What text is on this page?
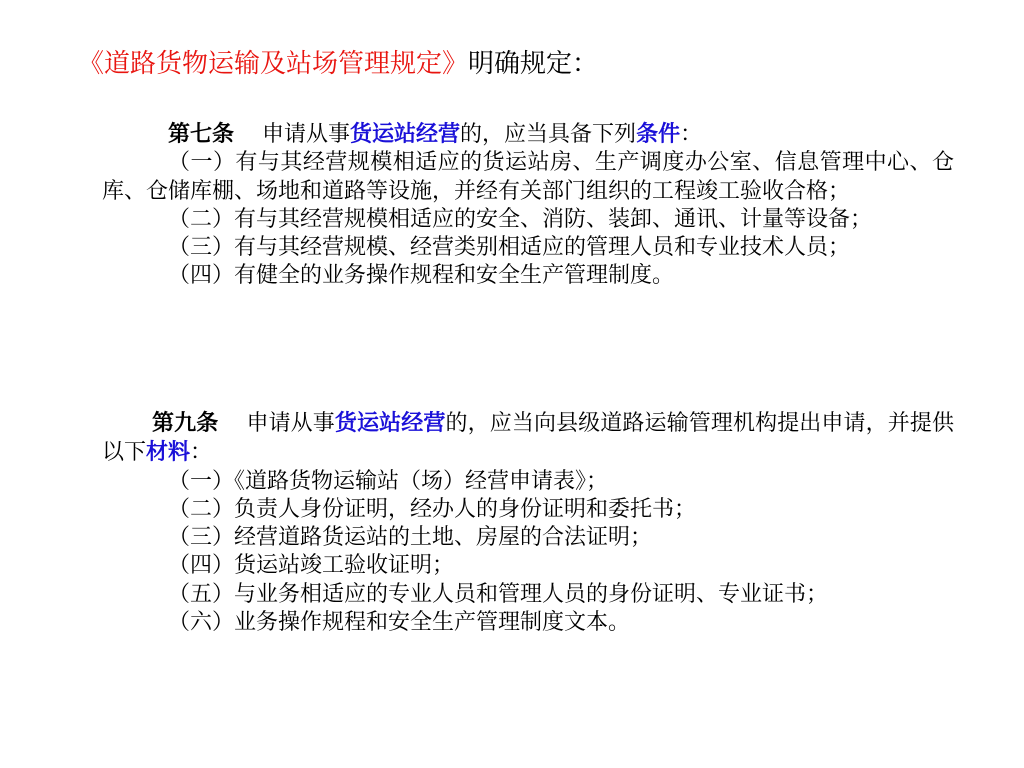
《道路货物运输及站场管理规定》明确规定：

第七条 申请从事货运站经营的，应当具备下列条件：

（一）有与其经营规模相适应的货运站房、生产调度办公室、信息管理中心、仓库、仓储库棚、场地和道路等设施，并经有关部门组织的工程竣工验收合格；

（二）有与其经营规模相适应的安全、消防、装卸、通讯、计量等设备；

（三）有与其经营规模、经营类别相适应的管理人员和专业技术人员；

（四）有健全的业务操作规程和安全生产管理制度。

第九条 申请从事货运站经营的，应当向县级道路运输管理机构提出申请，并提供以下材料：

（一）《道路货物运输站（场）经营申请表》；

（二）负责人身份证明，经办人的身份证明和委托书；

（三）经营道路货运站的土地、房屋的合法证明；

（四）货运站竣工验收证明；

（五）与业务相适应的专业人员和管理人员的身份证明、专业证书；

（六）业务操作规程和安全生产管理制度文本。
